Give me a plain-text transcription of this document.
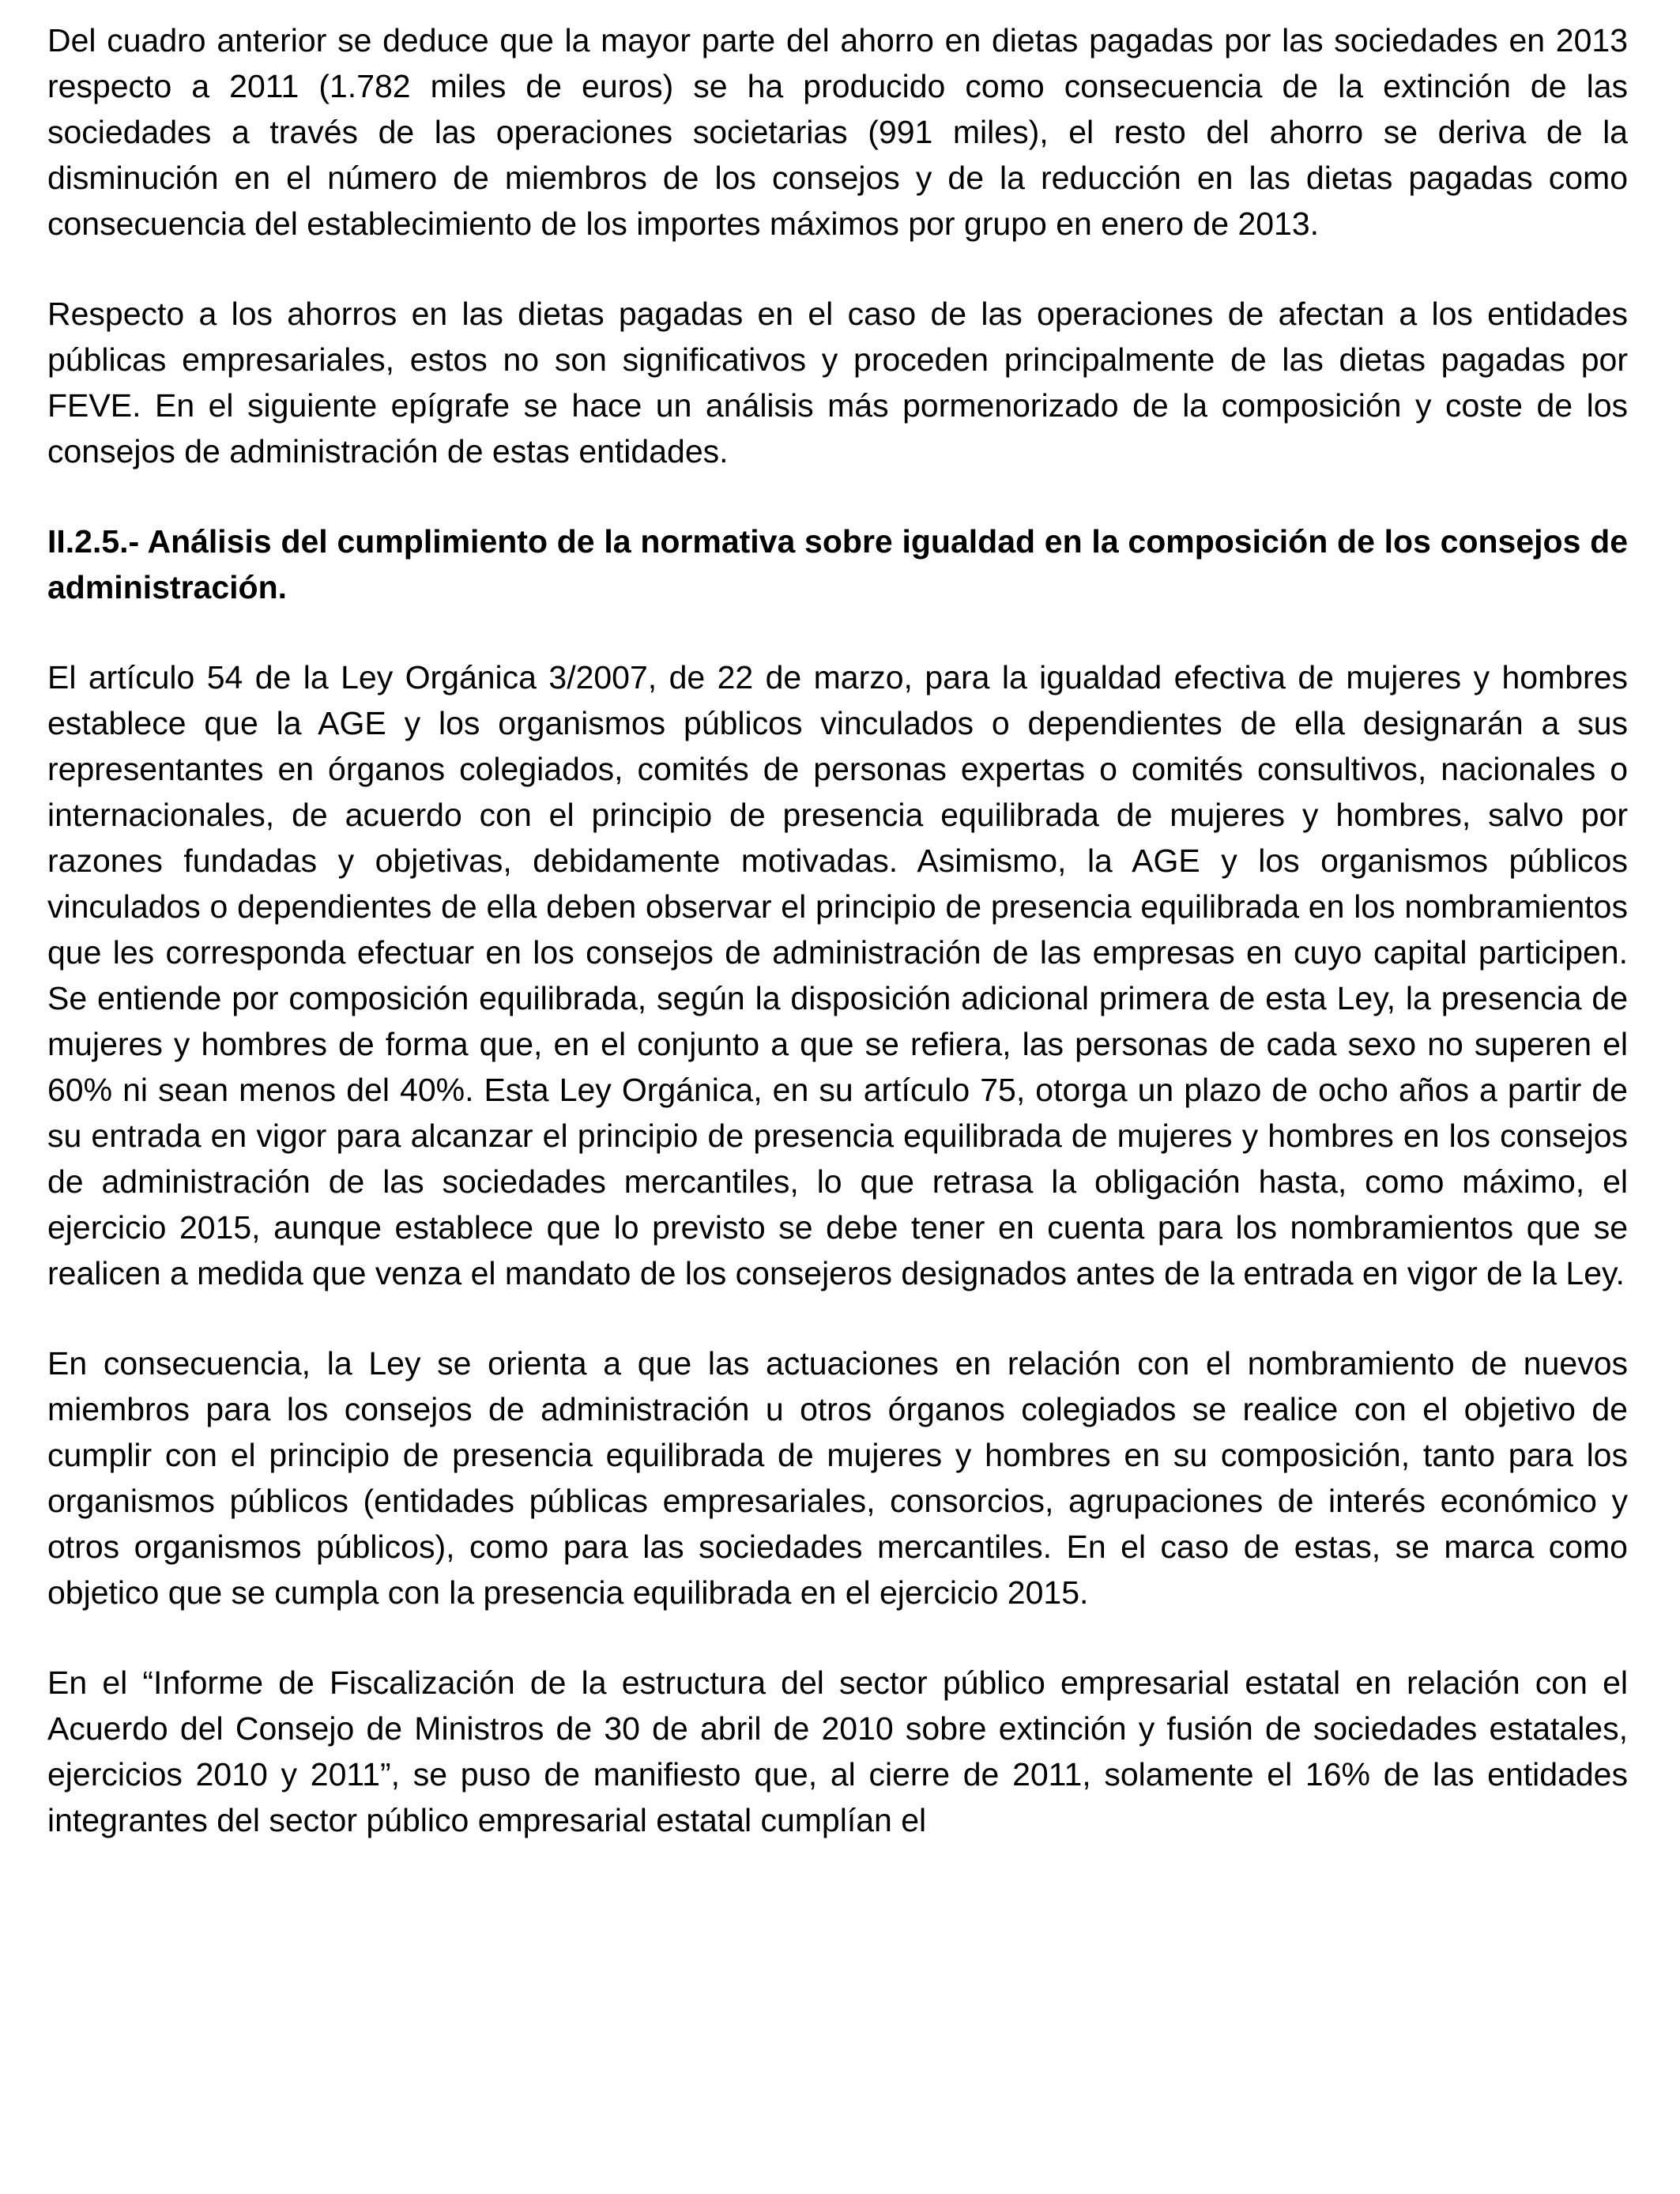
Del cuadro anterior se deduce que la mayor parte del ahorro en dietas pagadas por las sociedades en 2013 respecto a 2011 (1.782 miles de euros) se ha producido como consecuencia de la extinción de las sociedades a través de las operaciones societarias (991 miles), el resto del ahorro se deriva de la disminución en el número de miembros de los consejos y de la reducción en las dietas pagadas como consecuencia del establecimiento de los importes máximos por grupo en enero de 2013.

Respecto a los ahorros en las dietas pagadas en el caso de las operaciones de afectan a los entidades públicas empresariales, estos no son significativos y proceden principalmente de las dietas pagadas por FEVE. En el siguiente epígrafe se hace un análisis más pormenorizado de la composición y coste de los consejos de administración de estas entidades.

II.2.5.- Análisis del cumplimiento de la normativa sobre igualdad en la composición de los consejos de administración.

El artículo 54 de la Ley Orgánica 3/2007, de 22 de marzo, para la igualdad efectiva de mujeres y hombres establece que la AGE y los organismos públicos vinculados o dependientes de ella designarán a sus representantes en órganos colegiados, comités de personas expertas o comités consultivos, nacionales o internacionales, de acuerdo con el principio de presencia equilibrada de mujeres y hombres, salvo por razones fundadas y objetivas, debidamente motivadas. Asimismo, la AGE y los organismos públicos vinculados o dependientes de ella deben observar el principio de presencia equilibrada en los nombramientos que les corresponda efectuar en los consejos de administración de las empresas en cuyo capital participen. Se entiende por composición equilibrada, según la disposición adicional primera de esta Ley, la presencia de mujeres y hombres de forma que, en el conjunto a que se refiera, las personas de cada sexo no superen el 60% ni sean menos del 40%. Esta Ley Orgánica, en su artículo 75, otorga un plazo de ocho años a partir de su entrada en vigor para alcanzar el principio de presencia equilibrada de mujeres y hombres en los consejos de administración de las sociedades mercantiles, lo que retrasa la obligación hasta, como máximo, el ejercicio 2015, aunque establece que lo previsto se debe tener en cuenta para los nombramientos que se realicen a medida que venza el mandato de los consejeros designados antes de la entrada en vigor de la Ley.

En consecuencia, la Ley se orienta a que las actuaciones en relación con el nombramiento de nuevos miembros para los consejos de administración u otros órganos colegiados se realice con el objetivo de cumplir con el principio de presencia equilibrada de mujeres y hombres en su composición, tanto para los organismos públicos (entidades públicas empresariales, consorcios, agrupaciones de interés económico y otros organismos públicos), como para las sociedades mercantiles. En el caso de estas, se marca como objetico que se cumpla con la presencia equilibrada en el ejercicio 2015.

En el “Informe de Fiscalización de la estructura del sector público empresarial estatal en relación con el Acuerdo del Consejo de Ministros de 30 de abril de 2010 sobre extinción y fusión de sociedades estatales, ejercicios 2010 y 2011”, se puso de manifiesto que, al cierre de 2011, solamente el 16% de las entidades integrantes del sector público empresarial estatal cumplían el
